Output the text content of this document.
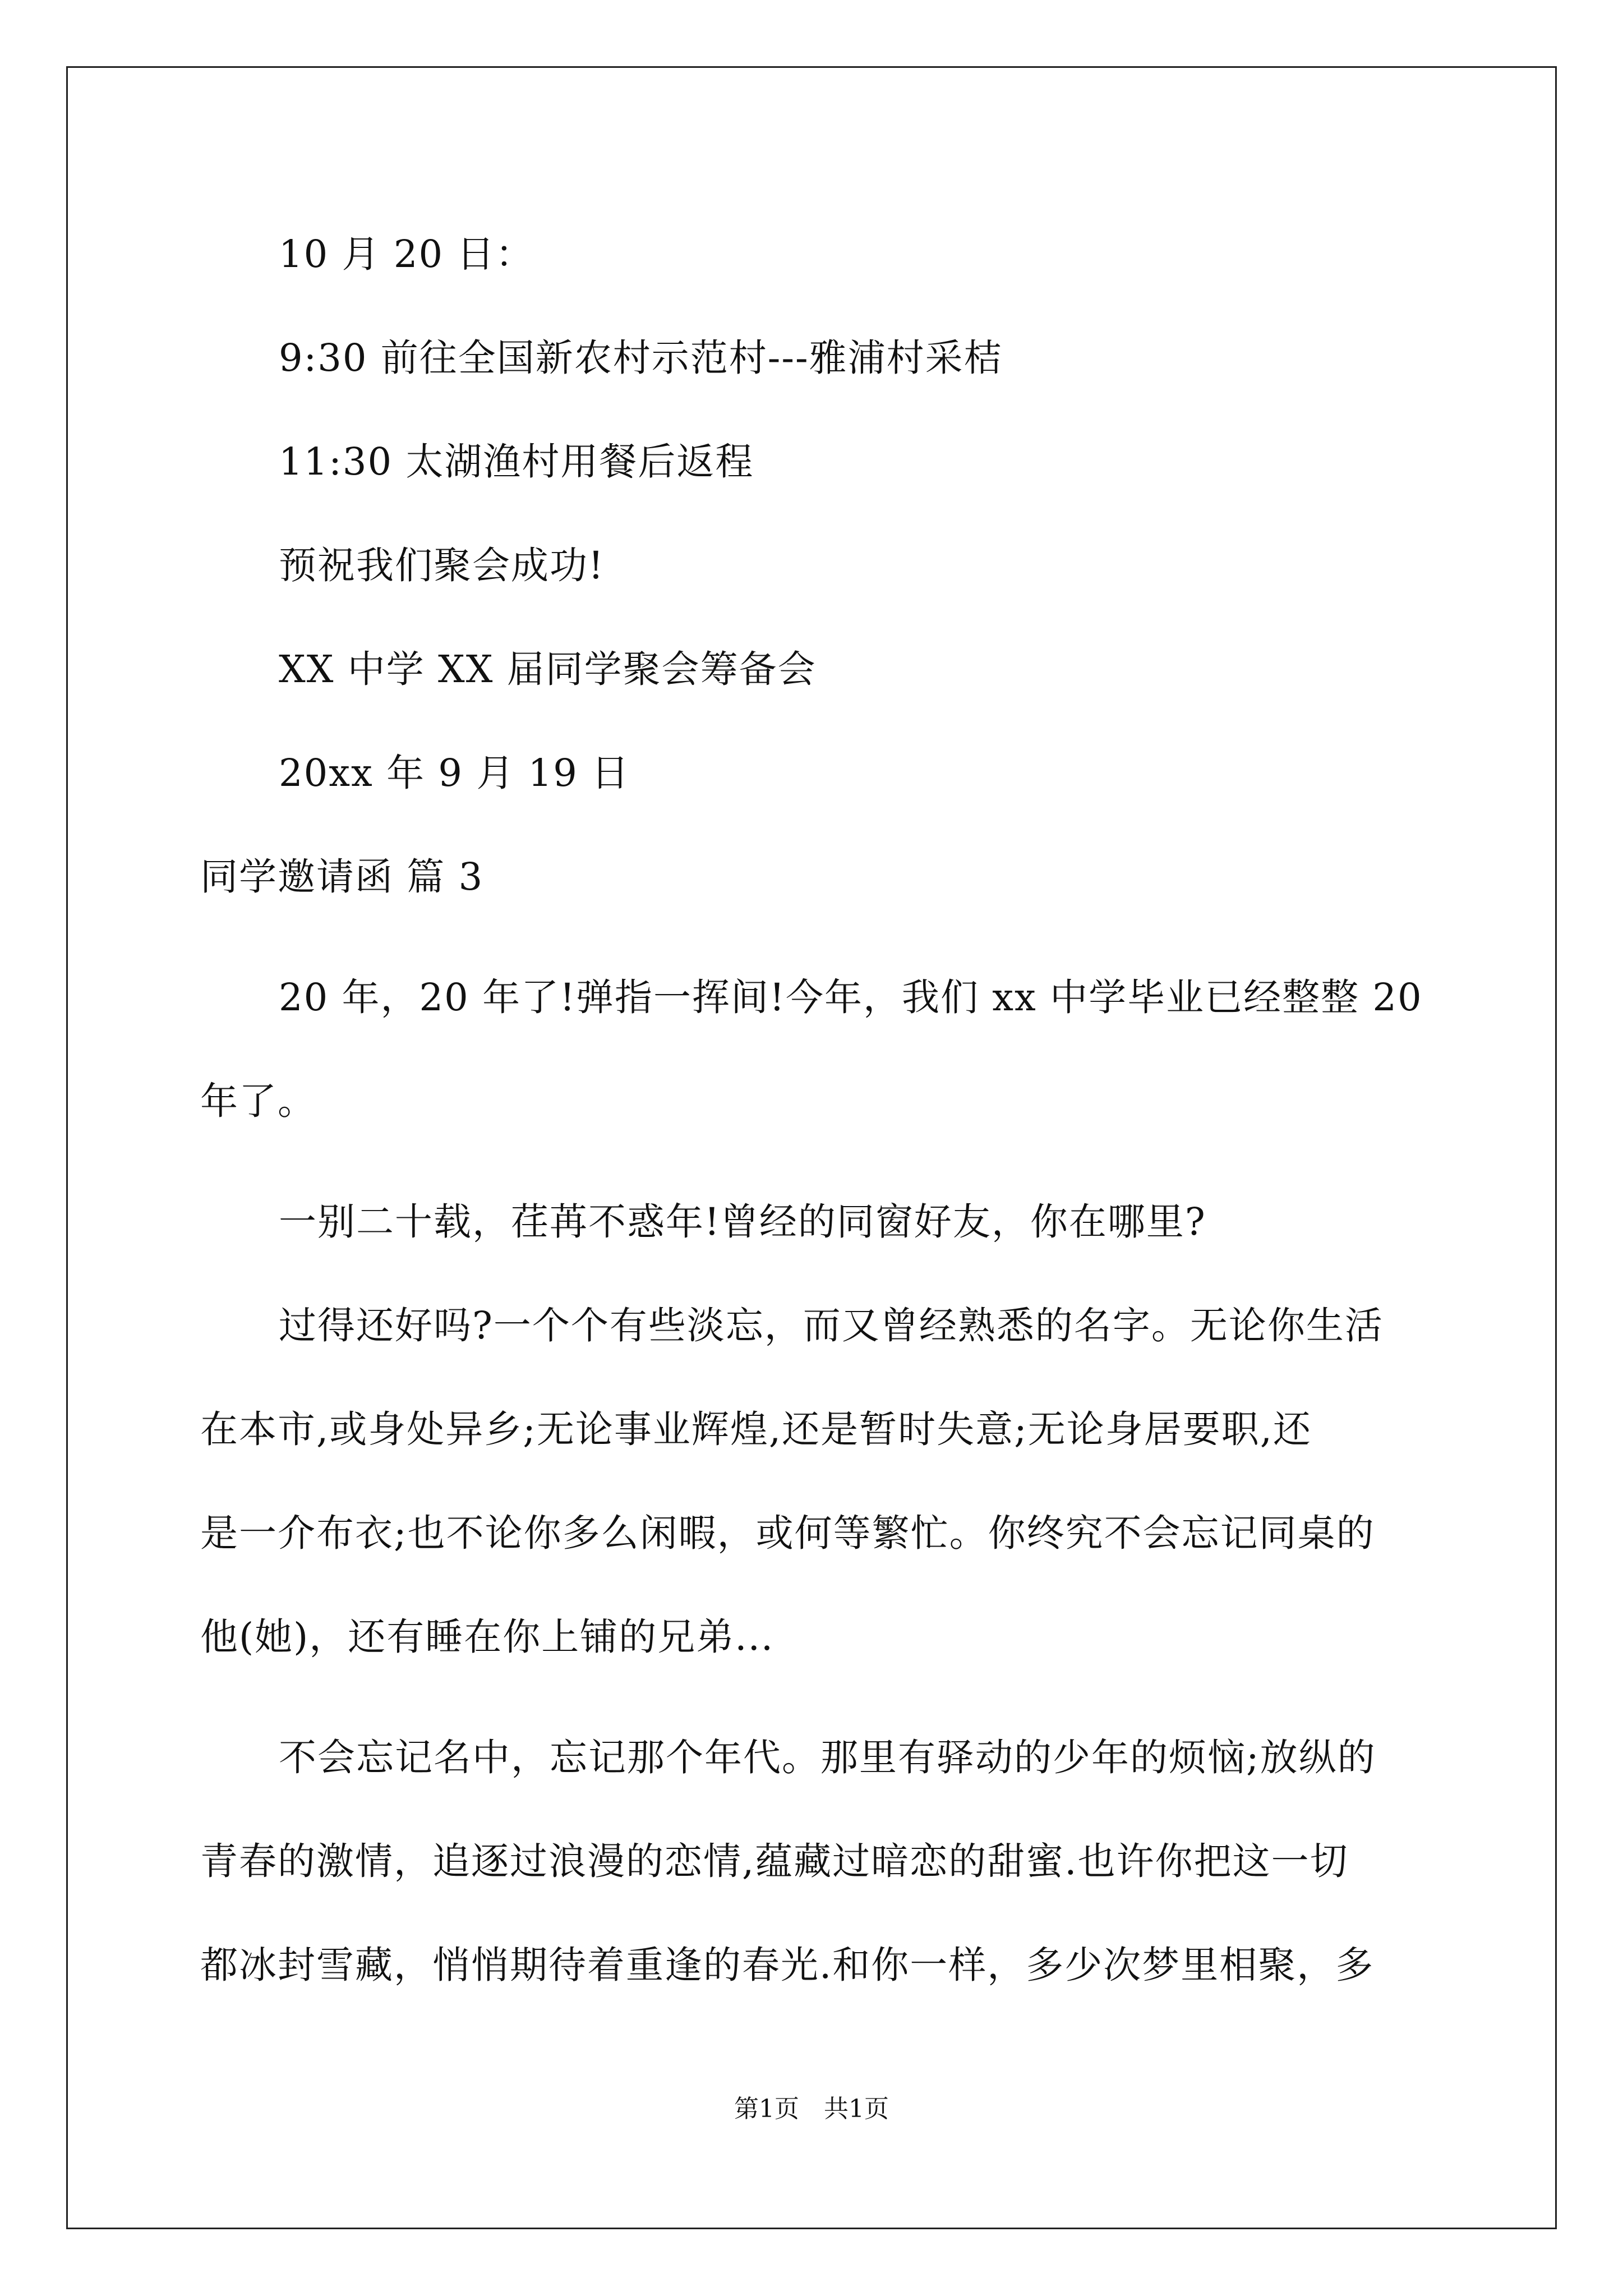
10 月 20 日：
9:30 前往全国新农村示范村---雅浦村采桔
11:30 太湖渔村用餐后返程
预祝我们聚会成功!
XX 中学 XX 届同学聚会筹备会
20xx 年 9 月 19 日
同学邀请函 篇 3
20 年，20 年了!弹指一挥间!今年，我们 xx 中学毕业已经整整 20
年了。
一别二十载，荏苒不惑年!曾经的同窗好友，你在哪里?
过得还好吗?一个个有些淡忘，而又曾经熟悉的名字。无论你生活
在本市,或身处异乡;无论事业辉煌,还是暂时失意;无论身居要职,还
是一介布衣;也不论你多么闲暇，或何等繁忙。你终究不会忘记同桌的
他(她)，还有睡在你上铺的兄弟...
不会忘记名中，忘记那个年代。那里有驿动的少年的烦恼;放纵的
青春的激情，追逐过浪漫的恋情,蕴藏过暗恋的甜蜜.也许你把这一切
都冰封雪藏，悄悄期待着重逢的春光.和你一样，多少次梦里相聚，多
第1页　共1页
